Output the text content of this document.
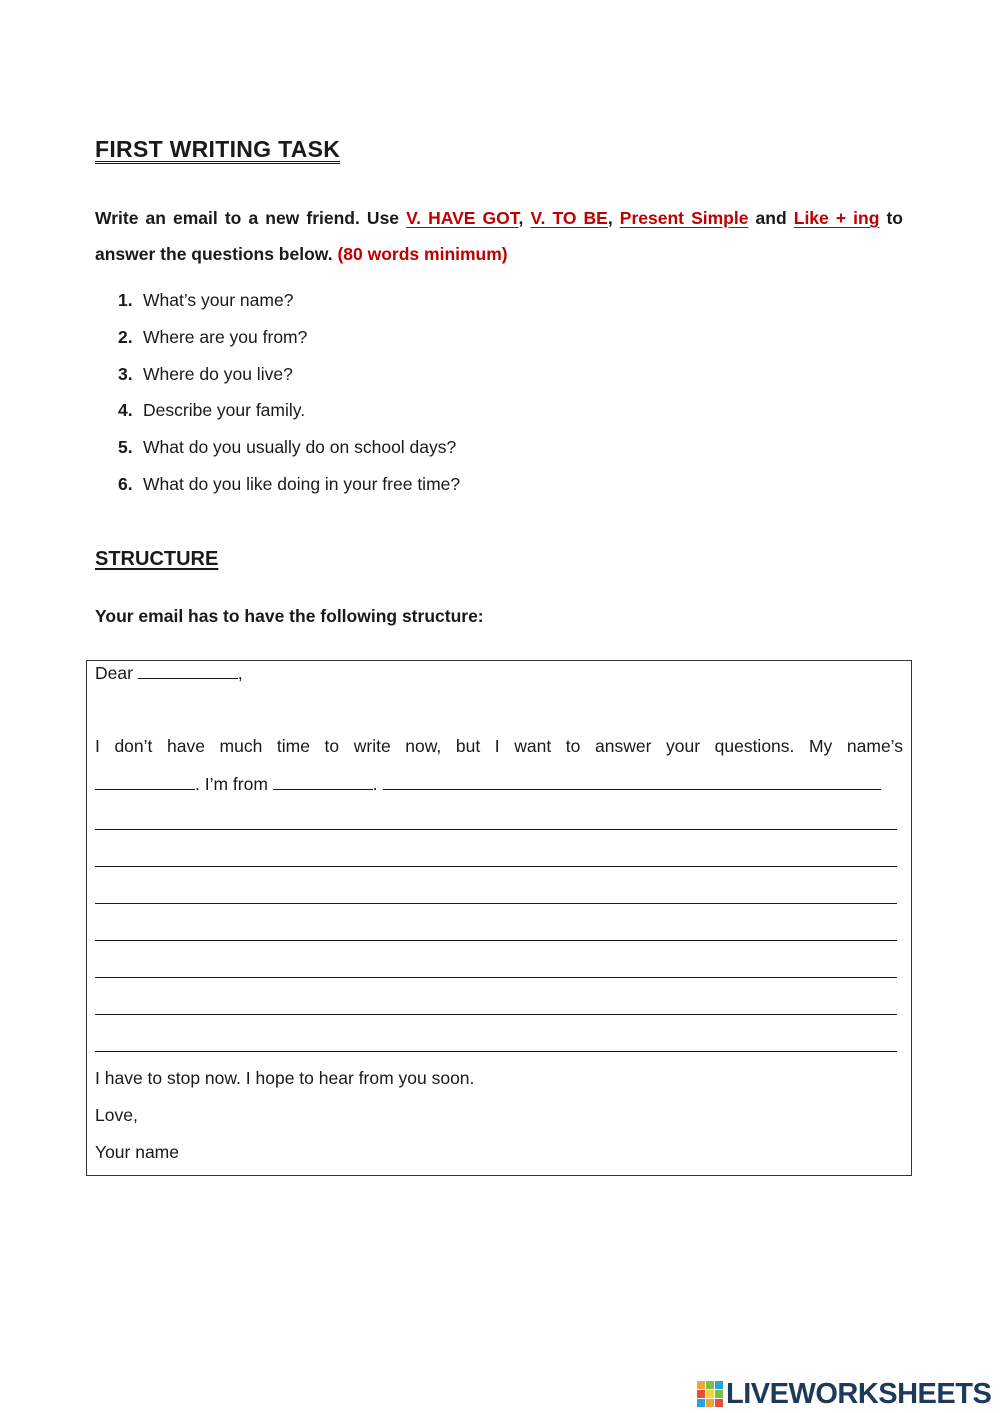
FIRST WRITING TASK
Write an email to a new friend. Use V. HAVE GOT, V. TO BE, Present Simple and Like + ing to answer the questions below. (80 words minimum)
1. What’s your name?
2. Where are you from?
3. Where do you live?
4. Describe your family.
5. What do you usually do on school days?
6. What do you like doing in your free time?
STRUCTURE

Your email has to have the following structure:

Dear	,

I don’t have much time to write now, but I want to answer your questions. My name’s

. I’m from	.

I have to stop now. I hope to hear from you soon.

Love,

Your name

LIVEWORKSHEETS
